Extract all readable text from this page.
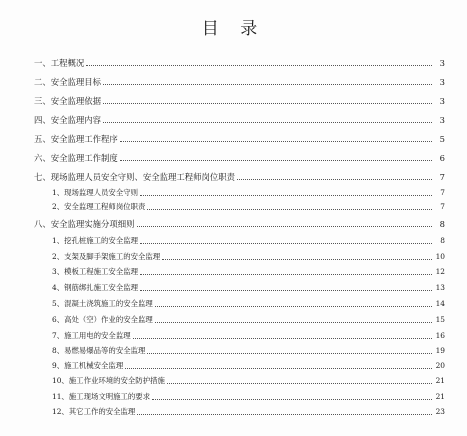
目 录
一、工程概况	3
二、安全监理目标	3
三、安全监理依据	3
四、安全监理内容	3
五、安全监理工作程序	5
六、安全监理工作制度	6
七、现场监理人员安全守则、安全监理工程师岗位职责	7
1、现场监理人员安全守则	7
2、安全监理工程师岗位职责	7
八、安全监理实施分项细则	8
1、挖孔桩施工的安全监理	8
2、支架及脚手架施工的安全监理	10
3、模板工程施工安全监理	12
4、钢筋绑扎施工安全监理	13
5、混凝土浇筑施工的安全监理	14
6、高处（空）作业的安全监理	15
7、施工用电的安全监理	16
8、易燃易爆品等的安全监理	19
9、施工机械安全监理	20
10、施工作业环境的安全防护措施	21
11、施工现场文明施工的要求	21
12、其它工作的安全监理	23
